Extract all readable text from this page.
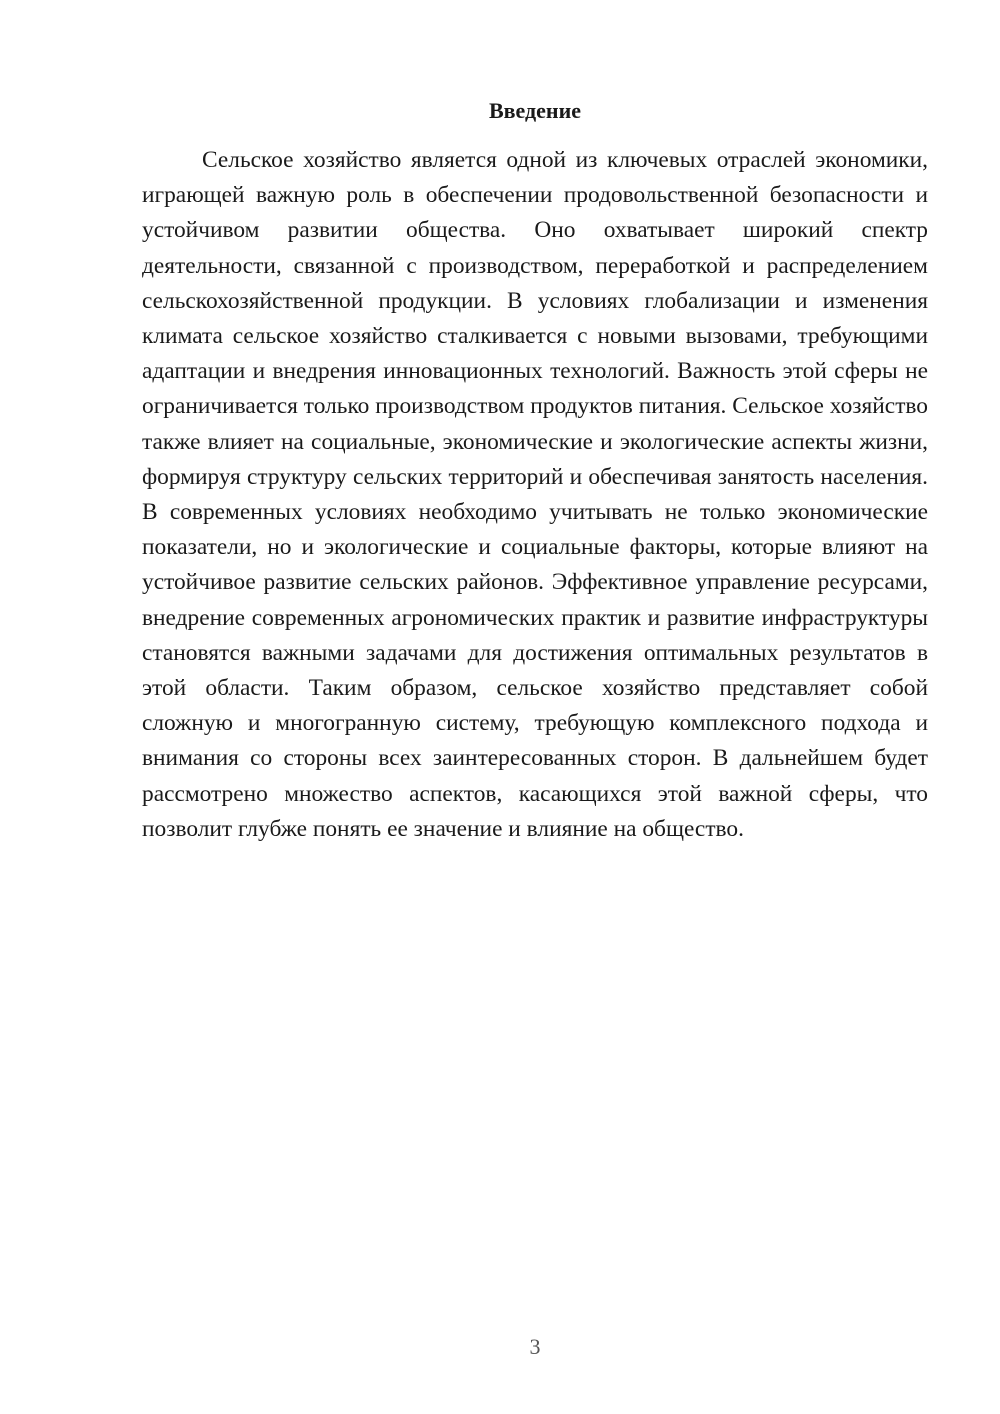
Введение

Сельское хозяйство является одной из ключевых отраслей экономики, играющей важную роль в обеспечении продовольственной безопасности и устойчивом развитии общества. Оно охватывает широкий спектр деятельности, связанной с производством, переработкой и распределением сельскохозяйственной продукции. В условиях глобализации и изменения климата сельское хозяйство сталкивается с новыми вызовами, требующими адаптации и внедрения инновационных технологий. Важность этой сферы не ограничивается только производством продуктов питания. Сельское хозяйство также влияет на социальные, экономические и экологические аспекты жизни, формируя структуру сельских территорий и обеспечивая занятость населения. В современных условиях необходимо учитывать не только экономические показатели, но и экологические и социальные факторы, которые влияют на устойчивое развитие сельских районов. Эффективное управление ресурсами, внедрение современных агрономических практик и развитие инфраструктуры становятся важными задачами для достижения оптимальных результатов в этой области. Таким образом, сельское хозяйство представляет собой сложную и многогранную систему, требующую комплексного подхода и внимания со стороны всех заинтересованных сторон. В дальнейшем будет рассмотрено множество аспектов, касающихся этой важной сферы, что позволит глубже понять ее значение и влияние на общество.

3
